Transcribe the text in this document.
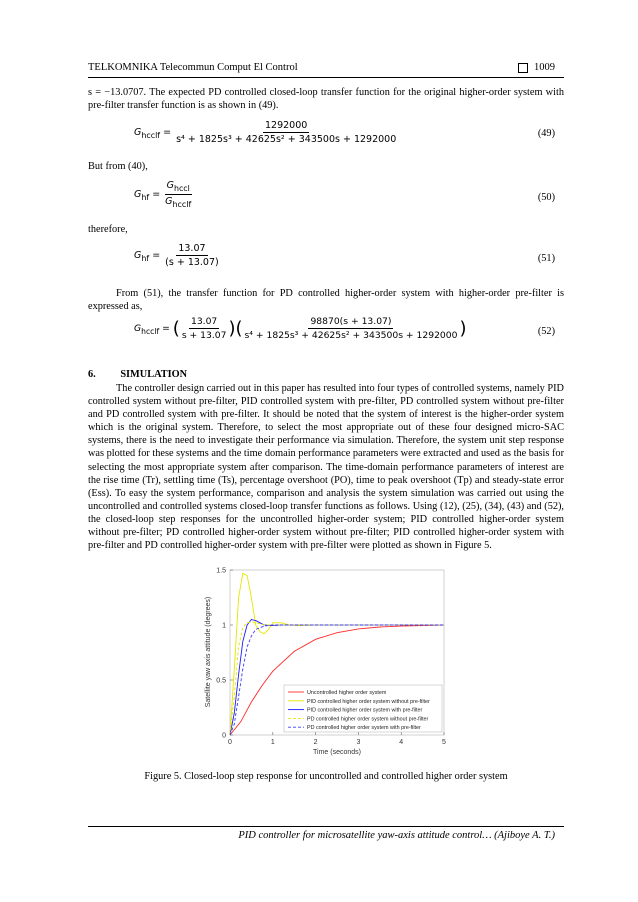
TELKOMNIKA Telecommun Comput El Control	1009
s = −13.0707. The expected PD controlled closed-loop transfer function for the original higher-order system with pre-filter transfer function is as shown in (49).
$G_{hcclf} = \frac{1292000}{\text{s⁴ + 1825s³ + 42625s² + 343500s + 1292000}}$	(49)
But from (40),
$G_{hf} = \frac{G_{hccl}}{G_{hcclf}}$	(50)
therefore,
$G_{hf} = \frac{13.07}{(s + 13.07)}$	(51)
From (51), the transfer function for PD controlled higher-order system with higher-order pre-filter is expressed as,
$G_{hcclf}$ = ( $\frac{13.07}{s + 13.07}$ )( $\frac{98870(s + 13.07)}{\text{s⁴ + 1825s³ + 42625s² + 343500s + 1292000}}$ )	(52)
6. SIMULATION
The controller design carried out in this paper has resulted into four types of controlled systems, namely PID controlled system without pre-filter, PID controlled system with pre-filter, PD controlled system without pre-filter and PD controlled system with pre-filter. It should be noted that the system of interest is the higher-order system which is the original system. Therefore, to select the most appropriate out of these four designed micro-SAC systems, there is the need to investigate their performance via simulation. Therefore, the system unit step response was plotted for these systems and the time domain performance parameters were extracted and used as the basis for selecting the most appropriate system after comparison. The time-domain performance parameters of interest are the rise time (Tr), settling time (Ts), percentage overshoot (PO), time to peak overshoot (Tp) and steady-state error (Ess). To easy the system performance, comparison and analysis the system simulation was carried out using the uncontrolled and controlled systems closed-loop transfer functions as follows. Using (12), (25), (34), (43) and (52), the closed-loop step responses for the uncontrolled higher-order system; PID controlled higher-order system without pre-filter; PD controlled higher-order system without pre-filter; PID controlled higher-order system with pre-filter and PD controlled higher-order system with pre-filter were plotted as shown in Figure 5.
0
0.5
1
1.5
0	1	2	3	4	5
Uncontrolled higher order system
PID controlled higher order system without pre-filter
PID controlled higher order system with pre-filter
PD controlled higher order system without pre-filter
PD controlled higher order system with pre-filter
Time (seconds)
Satellite yaw axis attitude (degrees)
Figure 5. Closed-loop step response for uncontrolled and controlled higher order system
PID controller for microsatellite yaw-axis attitude control… (Ajiboye A. T.)
